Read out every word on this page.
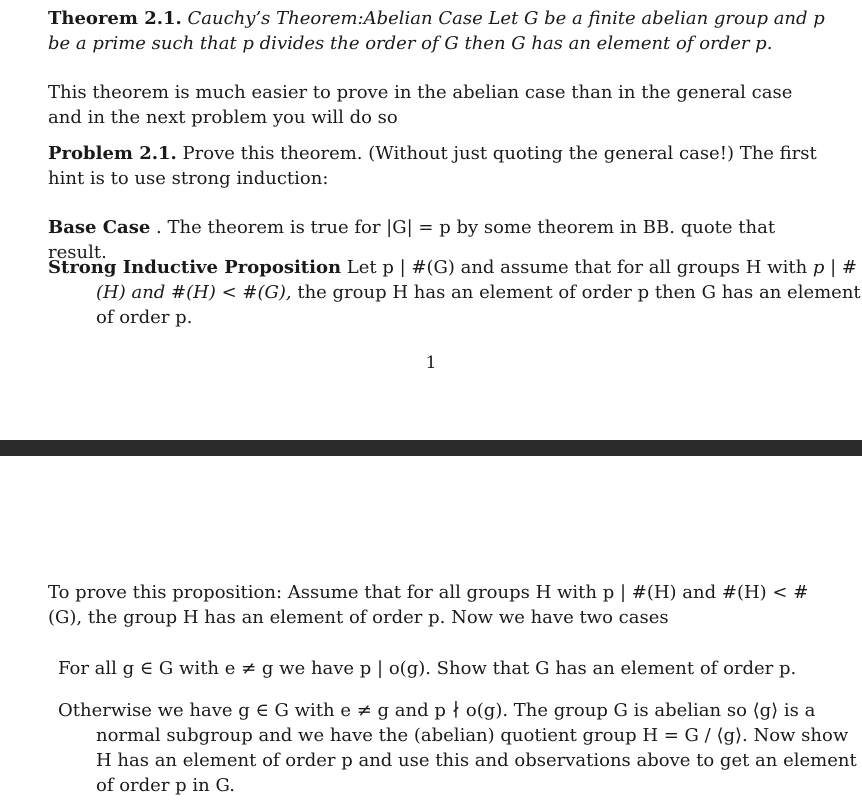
Theorem 2.1. Cauchy’s Theorem:Abelian Case Let G be a finite abelian group and p be a prime such that p divides the order of G then G has an element of order p.
This theorem is much easier to prove in the abelian case than in the general case and in the next problem you will do so
Problem 2.1. Prove this theorem. (Without just quoting the general case!) The first hint is to use strong induction:
Base Case . The theorem is true for |G| = p by some theorem in BB. quote that result.
Strong Inductive Proposition Let p | #(G) and assume that for all groups H with p | #(H) and #(H) < #(G), the group H has an element of order p then G has an element of order p.
1
To prove this proposition: Assume that for all groups H with p | #(H) and #(H) < #(G), the group H has an element of order p. Now we have two cases
For all g ∈ G with e ≠ g we have p | o(g). Show that G has an element of order p.
Otherwise we have g ∈ G with e ≠ g and p ∤ o(g). The group G is abelian so ⟨g⟩ is a normal subgroup and we have the (abelian) quotient group H = G / ⟨g⟩. Now show H has an element of order p and use this and observations above to get an element of order p in G.
